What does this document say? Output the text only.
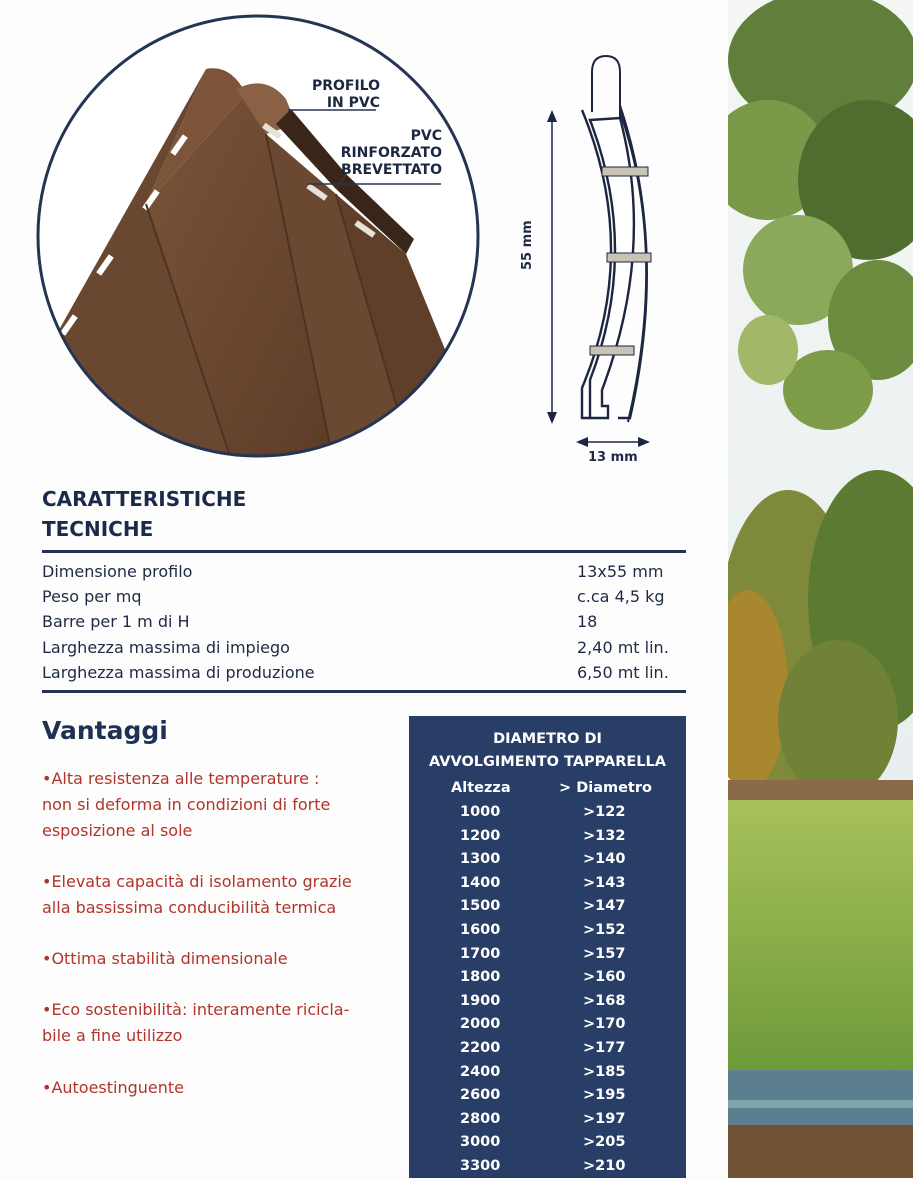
PROFILO
IN PVC
PVC
RINFORZATO
BREVETTATO
55 mm
13 mm
CARATTERISTICHE
TECNICHE
Dimensione profilo	13x55 mm
Peso per mq	c.ca 4,5 kg
Barre per 1 m di H	18
Larghezza massima di impiego	2,40 mt lin.
Larghezza massima di produzione	6,50 mt lin.
Vantaggi
•Alta resistenza alle temperature :
non si deforma in condizioni di forte
esposizione al sole
•Elevata capacità di isolamento grazie
alla bassissima conducibilità termica
•Ottima stabilità dimensionale
•Eco sostenibilità: interamente ricicla-
bile a fine utilizzo
•Autoestinguente
DIAMETRO DI
AVVOLGIMENTO TAPPARELLA
Altezza	> Diametro
1000	>122
1200	>132
1300	>140
1400	>143
1500	>147
1600	>152
1700	>157
1800	>160
1900	>168
2000	>170
2200	>177
2400	>185
2600	>195
2800	>197
3000	>205
3300	>210
